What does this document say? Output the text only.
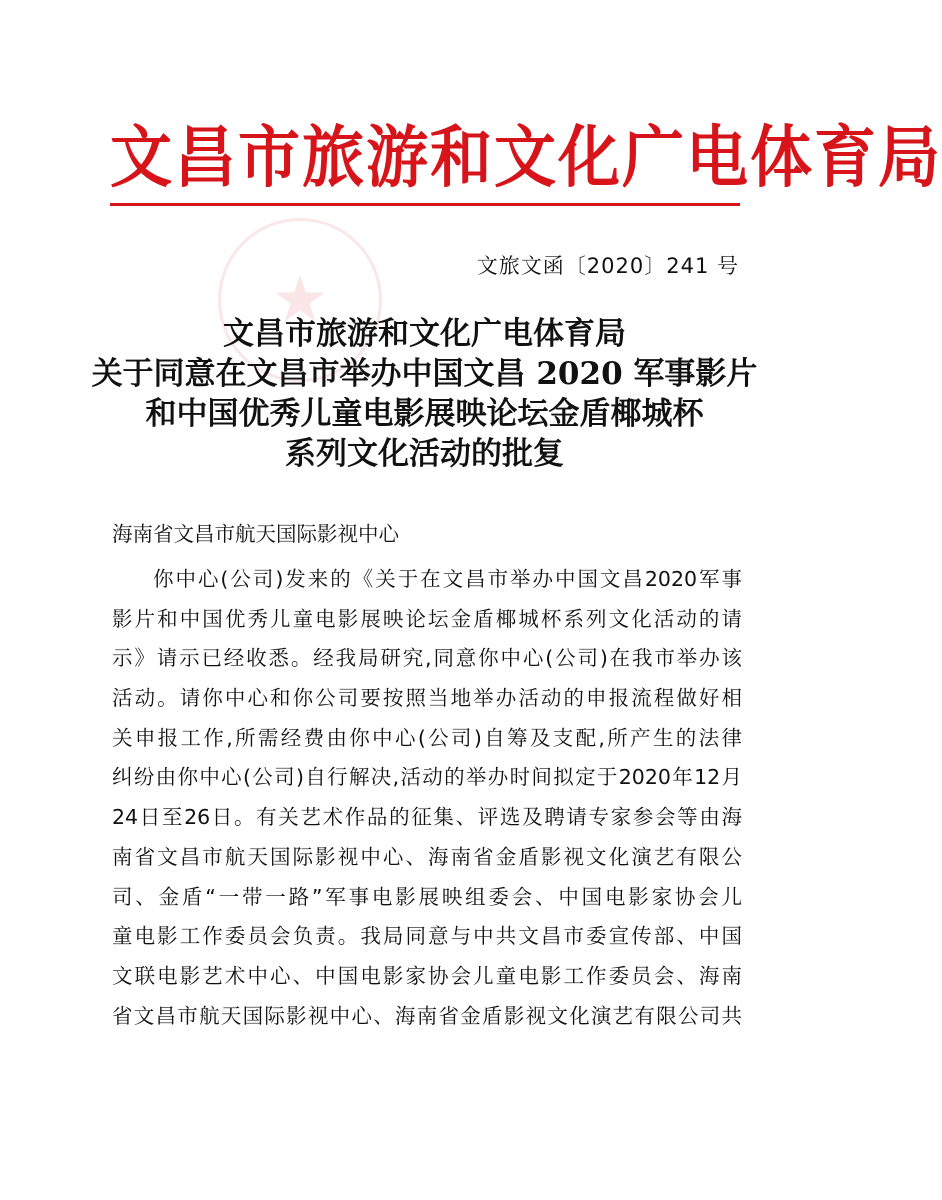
★
文昌市旅游和文化广电体育局
文旅文函〔2020〕241 号
文昌市旅游和文化广电体育局
关于同意在文昌市举办中国文昌 2020 军事影片
和中国优秀儿童电影展映论坛金盾椰城杯
系列文化活动的批复
海南省文昌市航天国际影视中心
你中心(公司)发来的《关于在文昌市举办中国文昌2020军事
影片和中国优秀儿童电影展映论坛金盾椰城杯系列文化活动的请
示》请示已经收悉。经我局研究,同意你中心(公司)在我市举办该
活动。请你中心和你公司要按照当地举办活动的申报流程做好相
关申报工作,所需经费由你中心(公司)自筹及支配,所产生的法律
纠纷由你中心(公司)自行解决,活动的举办时间拟定于2020年12月
24日至26日。有关艺术作品的征集、评选及聘请专家参会等由海
南省文昌市航天国际影视中心、海南省金盾影视文化演艺有限公
司、金盾“一带一路”军事电影展映组委会、中国电影家协会儿
童电影工作委员会负责。我局同意与中共文昌市委宣传部、中国
文联电影艺术中心、中国电影家协会儿童电影工作委员会、海南
省文昌市航天国际影视中心、海南省金盾影视文化演艺有限公司共
